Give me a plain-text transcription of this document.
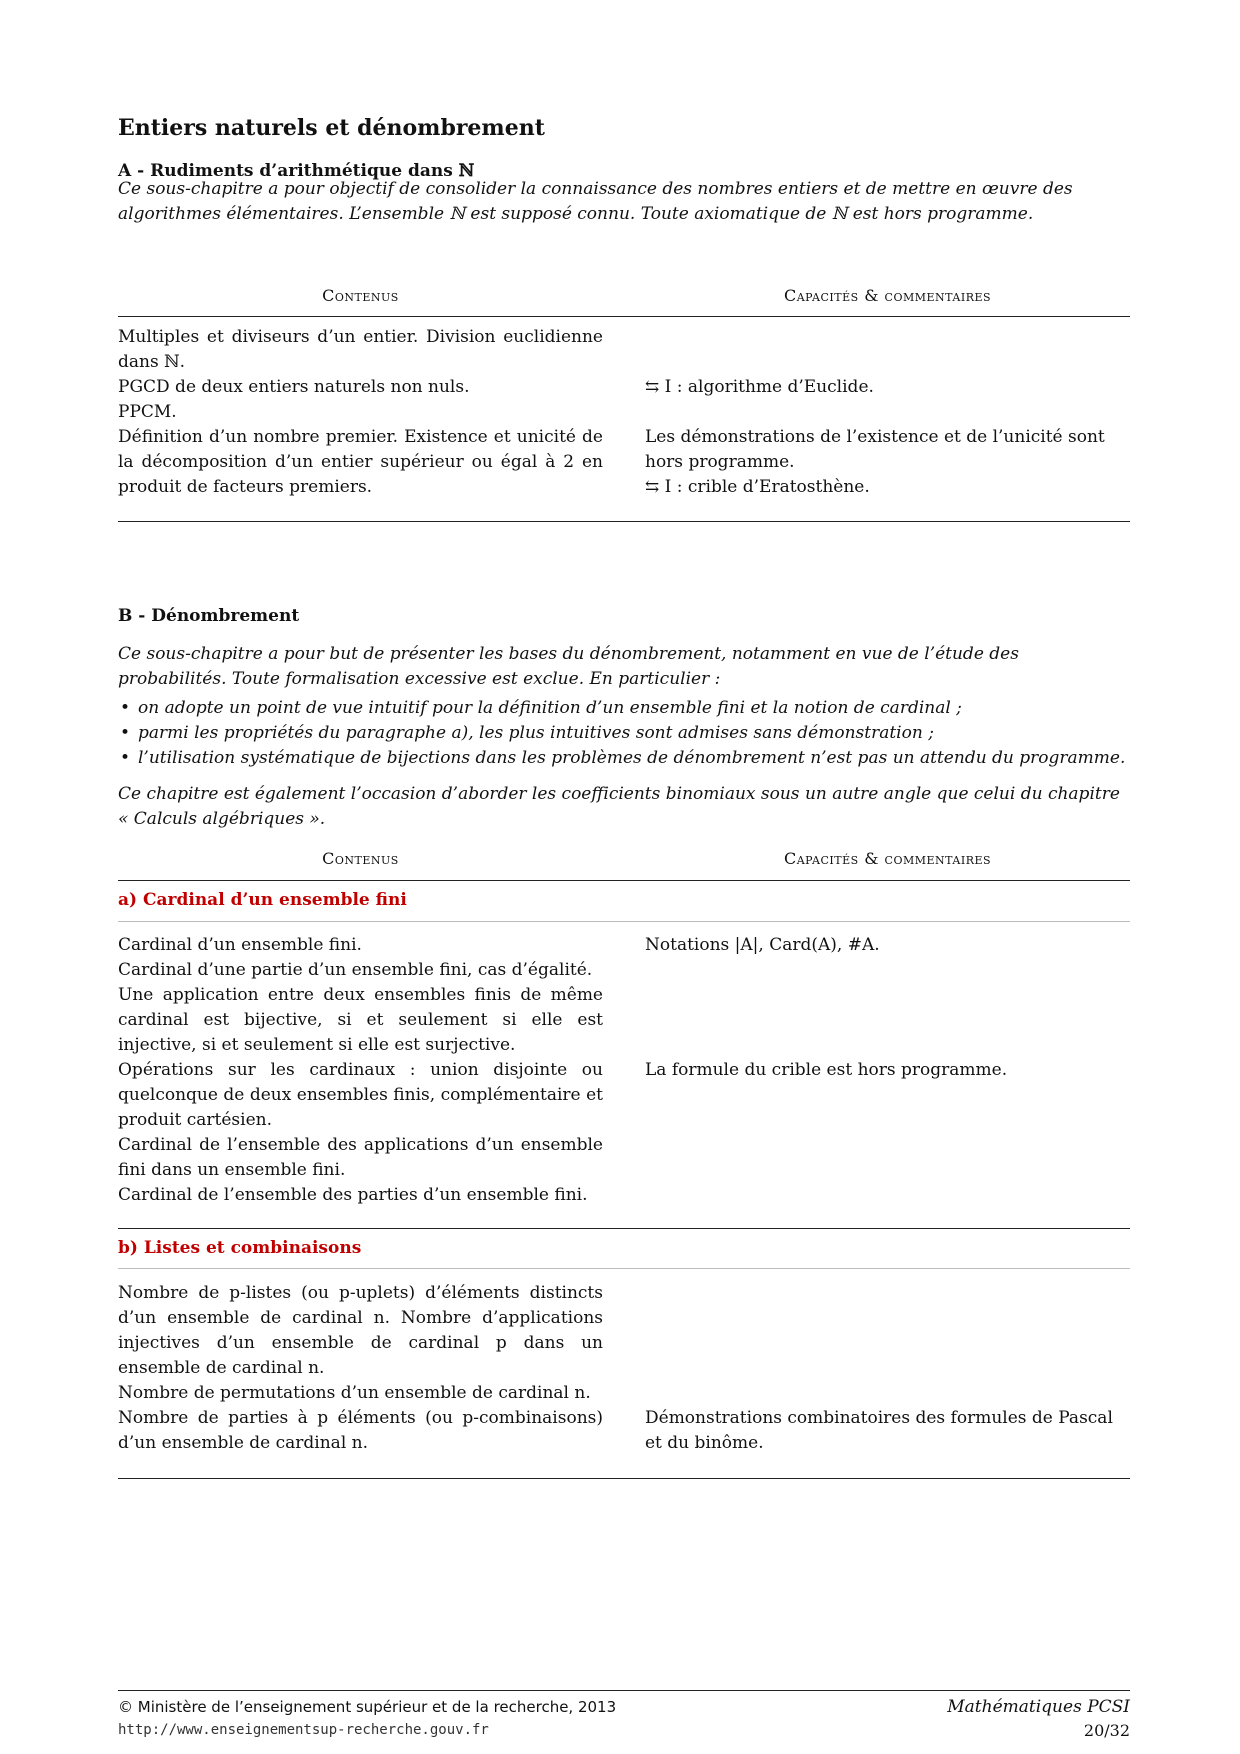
Entiers naturels et dénombrement
A - Rudiments d’arithmétique dans ℕ

Ce sous-chapitre a pour objectif de consolider la connaissance des nombres entiers et de mettre en œuvre des algorithmes élémentaires. L’ensemble ℕ est supposé connu. Toute axiomatique de ℕ est hors programme.

Contenus	Capacités & commentaires

Multiples et diviseurs d’un entier. Division euclidienne dans ℕ.

PGCD de deux entiers naturels non nuls.

PPCM.

Définition d’un nombre premier. Existence et unicité de la décomposition d’un entier supérieur ou égal à 2 en produit de facteurs premiers.

⇆ I : algorithme d’Euclide.

Les démonstrations de l’existence et de l’unicité sont hors programme.

⇆ I : crible d’Eratosthène.

B - Dénombrement

Ce sous-chapitre a pour but de présenter les bases du dénombrement, notamment en vue de l’étude des probabilités. Toute formalisation excessive est exclue. En particulier :

• on adopte un point de vue intuitif pour la définition d’un ensemble fini et la notion de cardinal ;
• parmi les propriétés du paragraphe a), les plus intuitives sont admises sans démonstration ;
• l’utilisation systématique de bijections dans les problèmes de dénombrement n’est pas un attendu du programme.

Ce chapitre est également l’occasion d’aborder les coefficients binomiaux sous un autre angle que celui du chapitre « Calculs algébriques ».

Contenus	Capacités & commentaires
a) Cardinal d’un ensemble fini

Cardinal d’un ensemble fini.

Cardinal d’une partie d’un ensemble fini, cas d’égalité.

Une application entre deux ensembles finis de même cardinal est bijective, si et seulement si elle est injective, si et seulement si elle est surjective.

Opérations sur les cardinaux : union disjointe ou quelconque de deux ensembles finis, complémentaire et produit cartésien.

Cardinal de l’ensemble des applications d’un ensemble fini dans un ensemble fini.

Cardinal de l’ensemble des parties d’un ensemble fini.

Notations |A|, Card(A), #A.

La formule du crible est hors programme.

b) Listes et combinaisons

Nombre de p-listes (ou p-uplets) d’éléments distincts d’un ensemble de cardinal n. Nombre d’applications injectives d’un ensemble de cardinal p dans un ensemble de cardinal n.

Nombre de permutations d’un ensemble de cardinal n.

Nombre de parties à p éléments (ou p-combinaisons) d’un ensemble de cardinal n.

Démonstrations combinatoires des formules de Pascal et du binôme.

© Ministère de l’enseignement supérieur et de la recherche, 2013
http://www.enseignementsup-recherche.gouv.fr
Mathématiques PCSI
20/32
